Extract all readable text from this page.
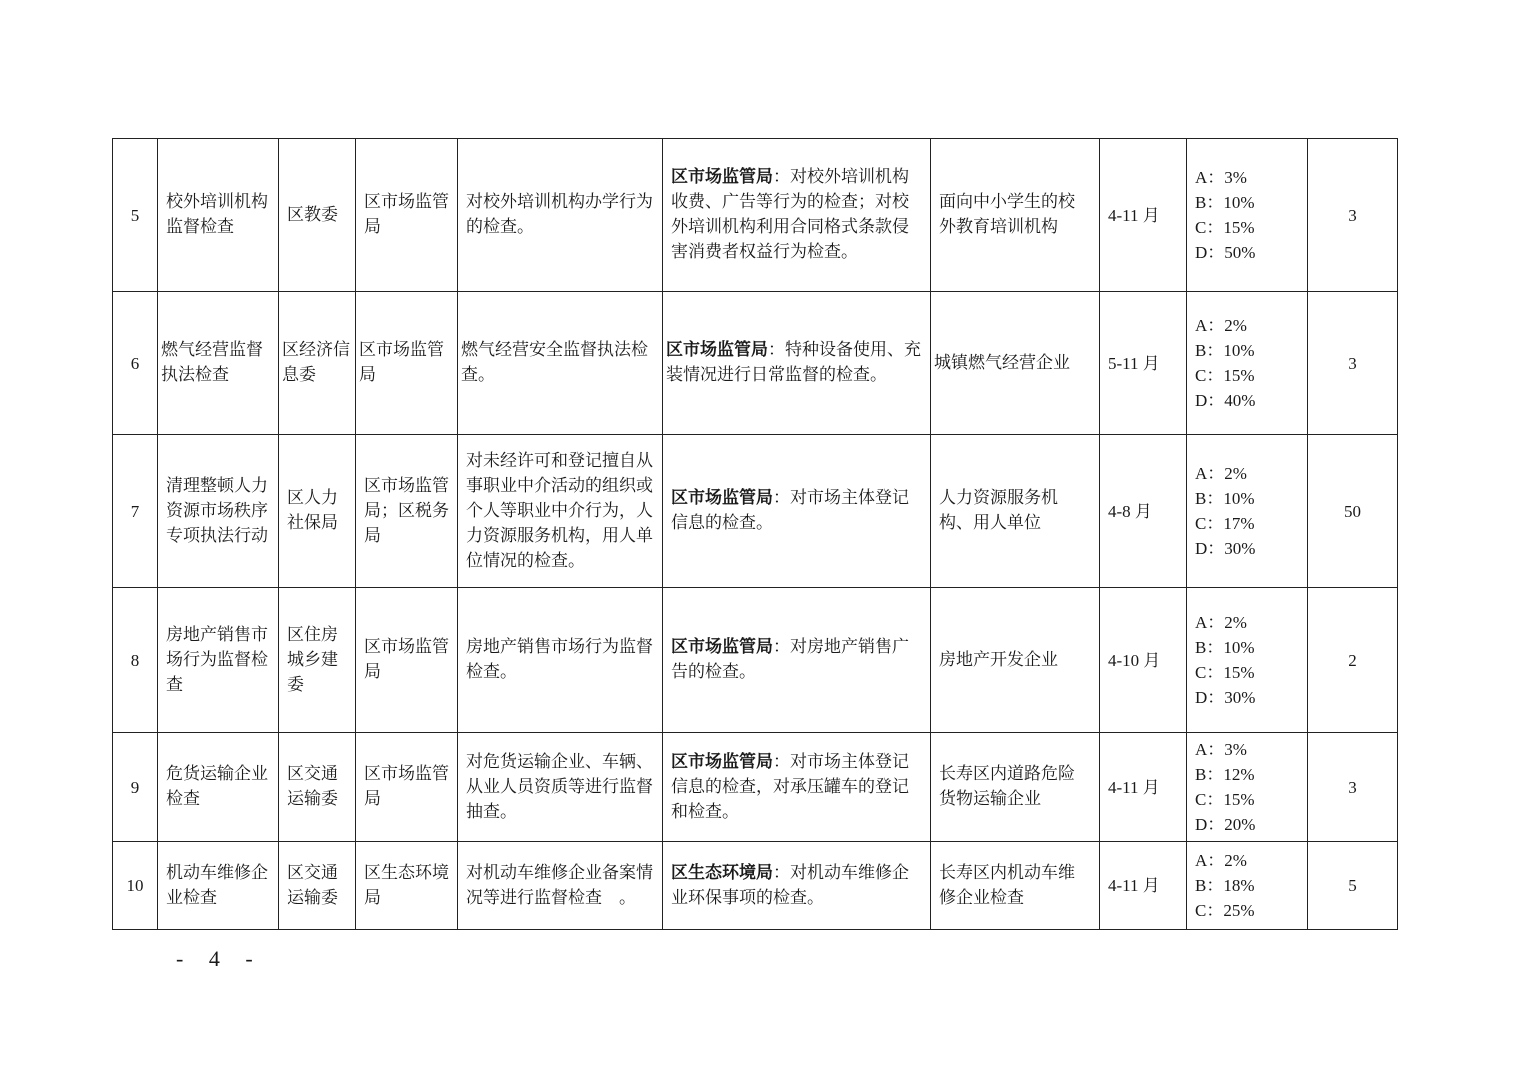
5	校外培训机构监督检查	区教委	区市场监管局	对校外培训机构办学行为的检查。	区市场监管局：对校外培训机构收费、广告等行为的检查；对校外培训机构利用合同格式条款侵害消费者权益行为检查。	面向中小学生的校外教育培训机构	4-11 月	A：3%
B：10%
C：15%
D：50%	3
6	燃气经营监督执法检查	区经济信息委	区市场监管局	燃气经营安全监督执法检查。	区市场监管局：特种设备使用、充装情况进行日常监督的检查。	城镇燃气经营企业	5-11 月	A：2%
B：10%
C：15%
D：40%	3
7	清理整顿人力资源市场秩序专项执法行动	区人力社保局	区市场监管局；区税务局	对未经许可和登记擅自从事职业中介活动的组织或个人等职业中介行为，人力资源服务机构，用人单位情况的检查。	区市场监管局：对市场主体登记信息的检查。	人力资源服务机构、用人单位	4-8 月	A：2%
B：10%
C：17%
D：30%	50
8	房地产销售市场行为监督检查	区住房城乡建委	区市场监管局	房地产销售市场行为监督检查。	区市场监管局：对房地产销售广告的检查。	房地产开发企业	4-10 月	A：2%
B：10%
C：15%
D：30%	2
9	危货运输企业检查	区交通运输委	区市场监管局	对危货运输企业、车辆、从业人员资质等进行监督抽查。	区市场监管局：对市场主体登记信息的检查，对承压罐车的登记和检查。	长寿区内道路危险货物运输企业	4-11 月	A：3%
B：12%
C：15%
D：20%	3
10	机动车维修企业检查	区交通运输委	区生态环境局	对机动车维修企业备案情况等进行监督检查　。	区生态环境局：对机动车维修企业环保事项的检查。	长寿区内机动车维修企业检查	4-11 月	A：2%
B：18%
C：25%	5
- 4 -
